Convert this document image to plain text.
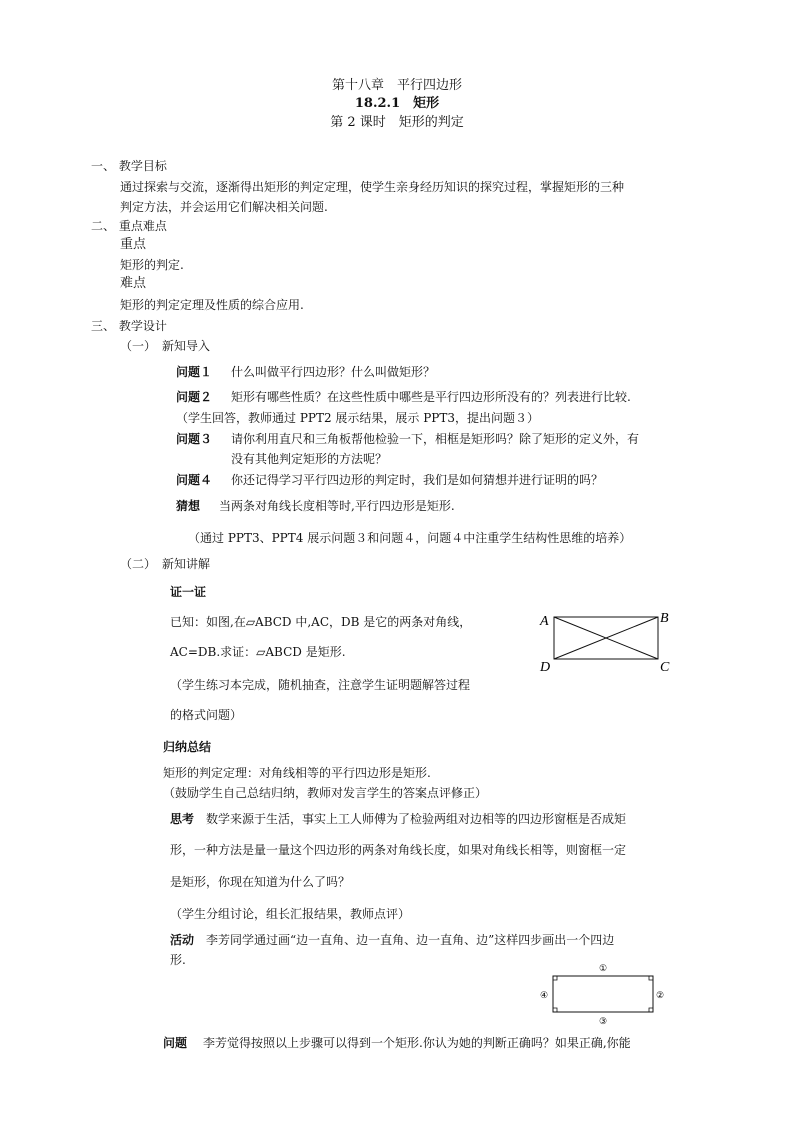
第十八章　平行四边形
18.2.1　矩形
第 2 课时　矩形的判定
一、 教学目标
通过探索与交流，逐渐得出矩形的判定定理，使学生亲身经历知识的探究过程，掌握矩形的三种
判定方法，并会运用它们解决相关问题.
二、 重点难点
重点
矩形的判定.
难点
矩形的判定定理及性质的综合应用.
三、 教学设计
（一）　新知导入
问题１ 什么叫做平行四边形？什么叫做矩形？
问题２ 矩形有哪些性质？在这些性质中哪些是平行四边形所没有的？列表进行比较.
（学生回答，教师通过 PPT2 展示结果，展示 PPT3，提出问题３）
问题３ 请你利用直尺和三角板帮他检验一下，相框是矩形吗？除了矩形的定义外，有
没有其他判定矩形的方法呢？
问题４ 你还记得学习平行四边形的判定时，我们是如何猜想并进行证明的吗？
猜想 当两条对角线长度相等时,平行四边形是矩形.
（通过 PPT3、PPT4 展示问题３和问题４，问题４中注重学生结构性思维的培养）
（二）　新知讲解
证一证
已知：如图,在▱ABCD 中,AC，DB 是它的两条对角线，
AC=DB.求证：▱ABCD 是矩形.
（学生练习本完成，随机抽查，注意学生证明题解答过程
的格式问题）
A	B
C
D
归纳总结
矩形的判定定理：对角线相等的平行四边形是矩形.
（鼓励学生自己总结归纳，教师对发言学生的答案点评修正）
思考 数学来源于生活，事实上工人师傅为了检验两组对边相等的四边形窗框是否成矩
形，一种方法是量一量这个四边形的两条对角线长度，如果对角线长相等，则窗框一定
是矩形，你现在知道为什么了吗？
（学生分组讨论，组长汇报结果，教师点评）
活动 李芳同学通过画“边一直角、边一直角、边一直角、边”这样四步画出一个四边
形.
①
②
③
④
问题 李芳觉得按照以上步骤可以得到一个矩形.你认为她的判断正确吗？如果正确,你能
